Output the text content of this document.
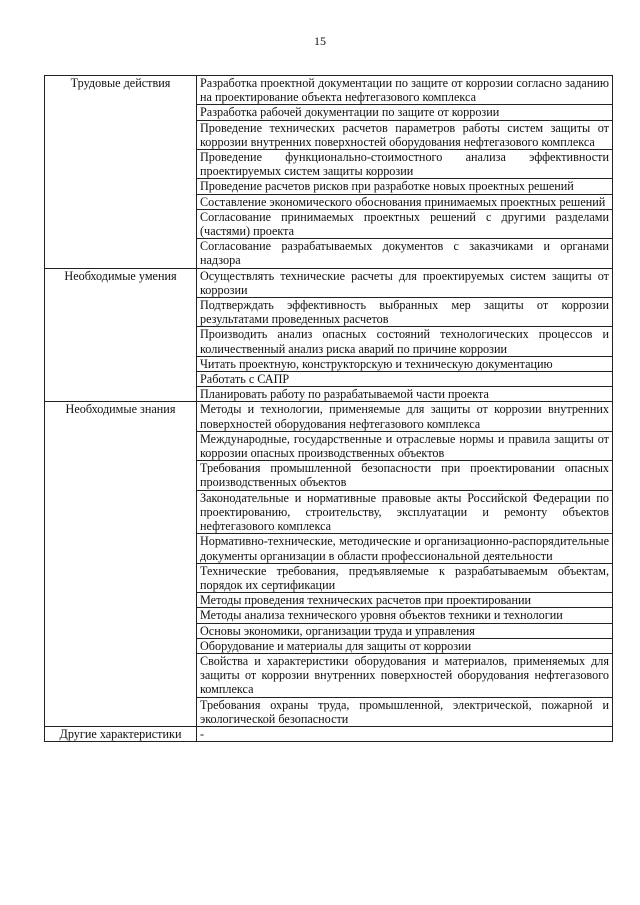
15
Трудовые действия	Разработка проектной документации по защите от коррозии согласно заданию на проектирование объекта нефтегазового комплекса
	Разработка рабочей документации по защите от коррозии
	Проведение технических расчетов параметров работы систем защиты от коррозии внутренних поверхностей оборудования нефтегазового комплекса
	Проведение функционально-стоимостного анализа эффективности проектируемых систем защиты коррозии
	Проведение расчетов рисков при разработке новых проектных решений
	Составление экономического обоснования принимаемых проектных решений
	Согласование принимаемых проектных решений с другими разделами (частями) проекта
	Согласование разрабатываемых документов с заказчиками и органами надзора
Необходимые умения	Осуществлять технические расчеты для проектируемых систем защиты от коррозии
	Подтверждать эффективность выбранных мер защиты от коррозии результатами проведенных расчетов
	Производить анализ опасных состояний технологических процессов и количественный анализ риска аварий по причине коррозии
	Читать проектную, конструкторскую и техническую документацию
	Работать с САПР
	Планировать работу по разрабатываемой части проекта
Необходимые знания	Методы и технологии, применяемые для защиты от коррозии внутренних поверхностей оборудования нефтегазового комплекса
	Международные, государственные и отраслевые нормы и правила защиты от коррозии опасных производственных объектов
	Требования промышленной безопасности при проектировании опасных производственных объектов
	Законодательные и нормативные правовые акты Российской Федерации по проектированию, строительству, эксплуатации и ремонту объектов нефтегазового комплекса
	Нормативно-технические, методические и организационно-распорядительные документы организации в области профессиональной деятельности
	Технические требования, предъявляемые к разрабатываемым объектам, порядок их сертификации
	Методы проведения технических расчетов при проектировании
	Методы анализа технического уровня объектов техники и технологии
	Основы экономики, организации труда и управления
	Оборудование и материалы для защиты от коррозии
	Свойства и характеристики оборудования и материалов, применяемых для защиты от коррозии внутренних поверхностей оборудования нефтегазового комплекса
	Требования охраны труда, промышленной, электрической, пожарной и экологической безопасности
Другие характеристики	-
